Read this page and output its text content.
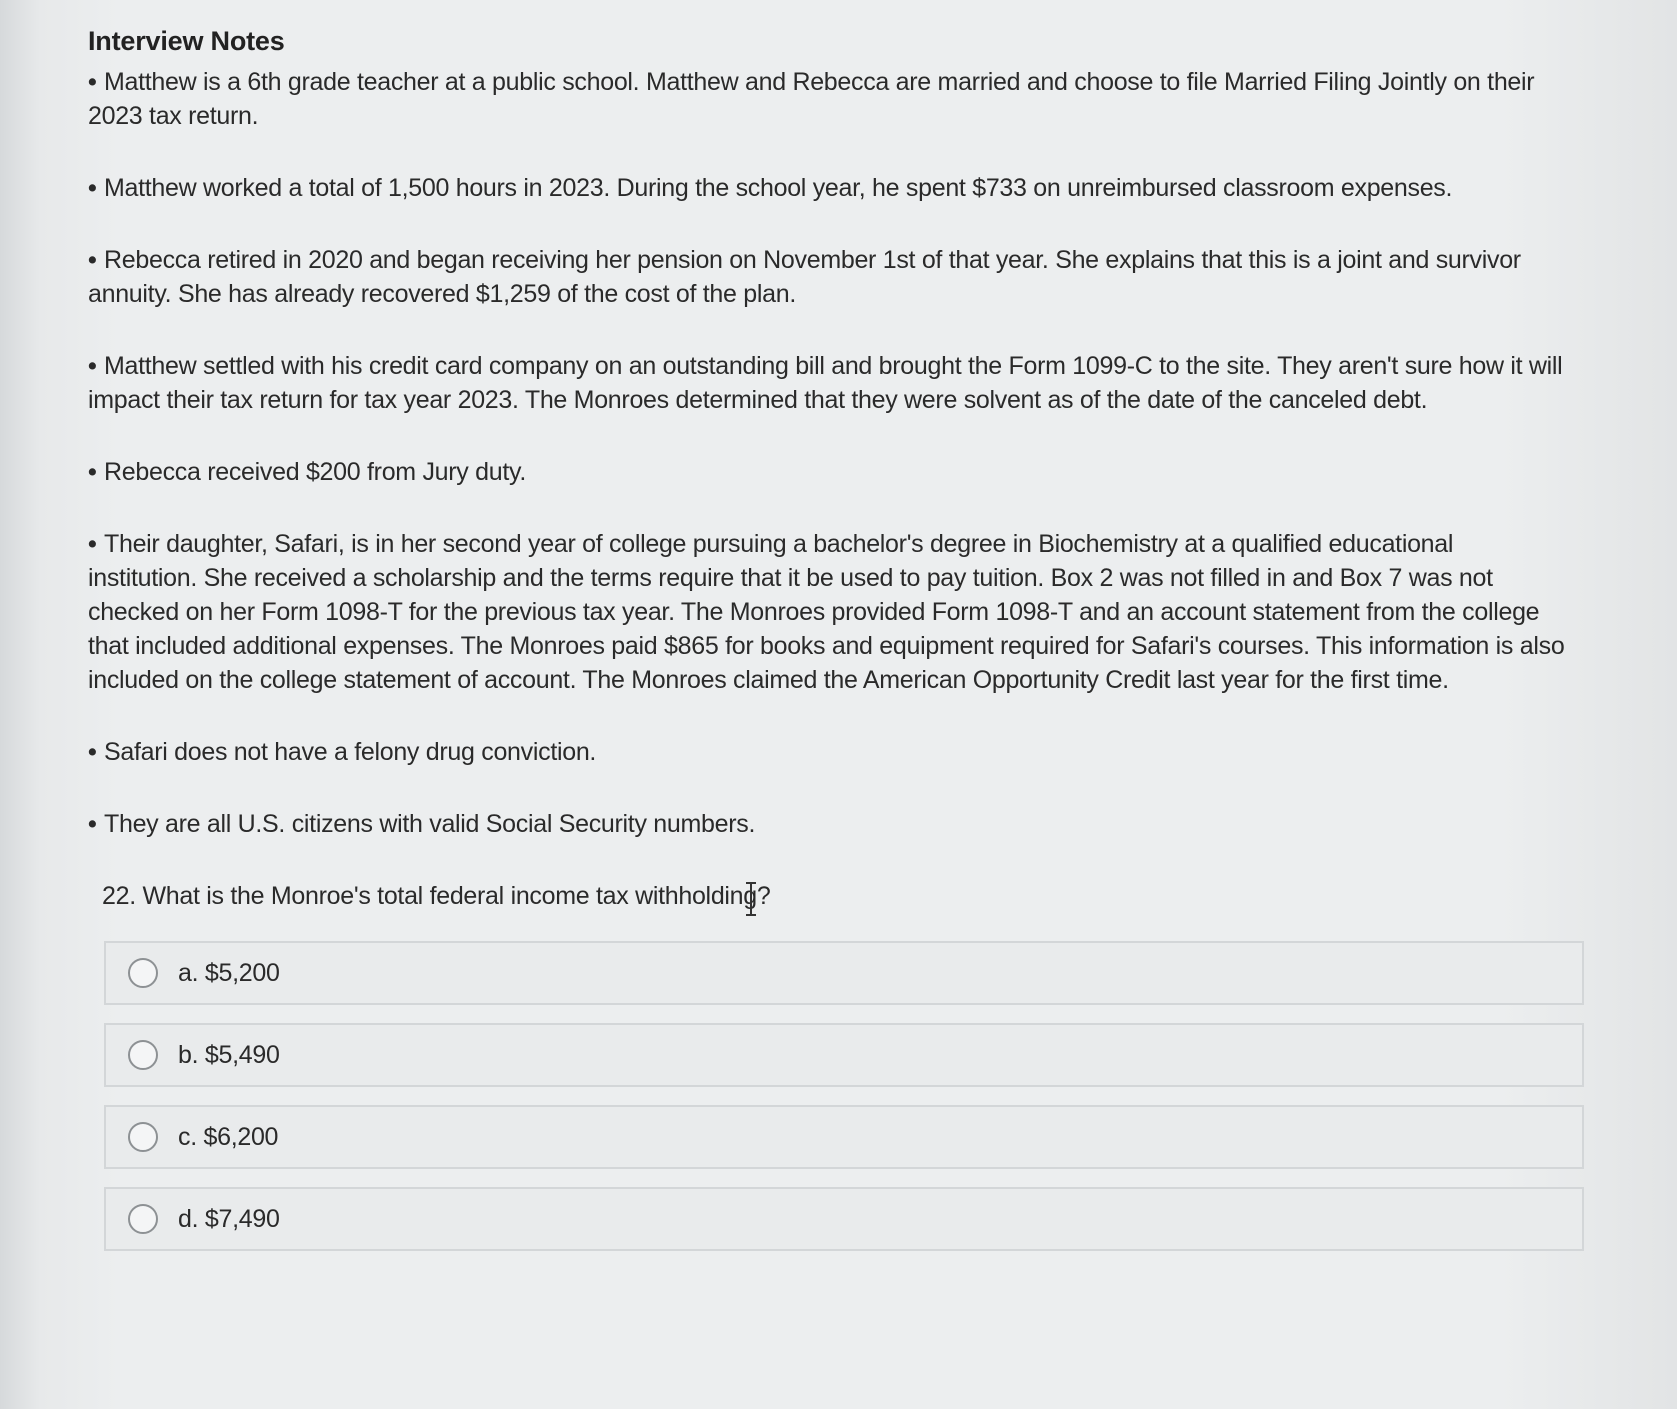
Interview Notes
• Matthew is a 6th grade teacher at a public school. Matthew and Rebecca are married and choose to file Married Filing Jointly on their 2023 tax return.
• Matthew worked a total of 1,500 hours in 2023. During the school year, he spent $733 on unreimbursed classroom expenses.
• Rebecca retired in 2020 and began receiving her pension on November 1st of that year. She explains that this is a joint and survivor annuity. She has already recovered $1,259 of the cost of the plan.
• Matthew settled with his credit card company on an outstanding bill and brought the Form 1099-C to the site. They aren't sure how it will impact their tax return for tax year 2023. The Monroes determined that they were solvent as of the date of the canceled debt.
• Rebecca received $200 from Jury duty.
• Their daughter, Safari, is in her second year of college pursuing a bachelor's degree in Biochemistry at a qualified educational institution. She received a scholarship and the terms require that it be used to pay tuition. Box 2 was not filled in and Box 7 was not checked on her Form 1098-T for the previous tax year. The Monroes provided Form 1098-T and an account statement from the college that included additional expenses. The Monroes paid $865 for books and equipment required for Safari's courses. This information is also included on the college statement of account. The Monroes claimed the American Opportunity Credit last year for the first time.
• Safari does not have a felony drug conviction.
• They are all U.S. citizens with valid Social Security numbers.
22. What is the Monroe's total federal income tax withholding?
a. $5,200
b. $5,490
c. $6,200
d. $7,490
